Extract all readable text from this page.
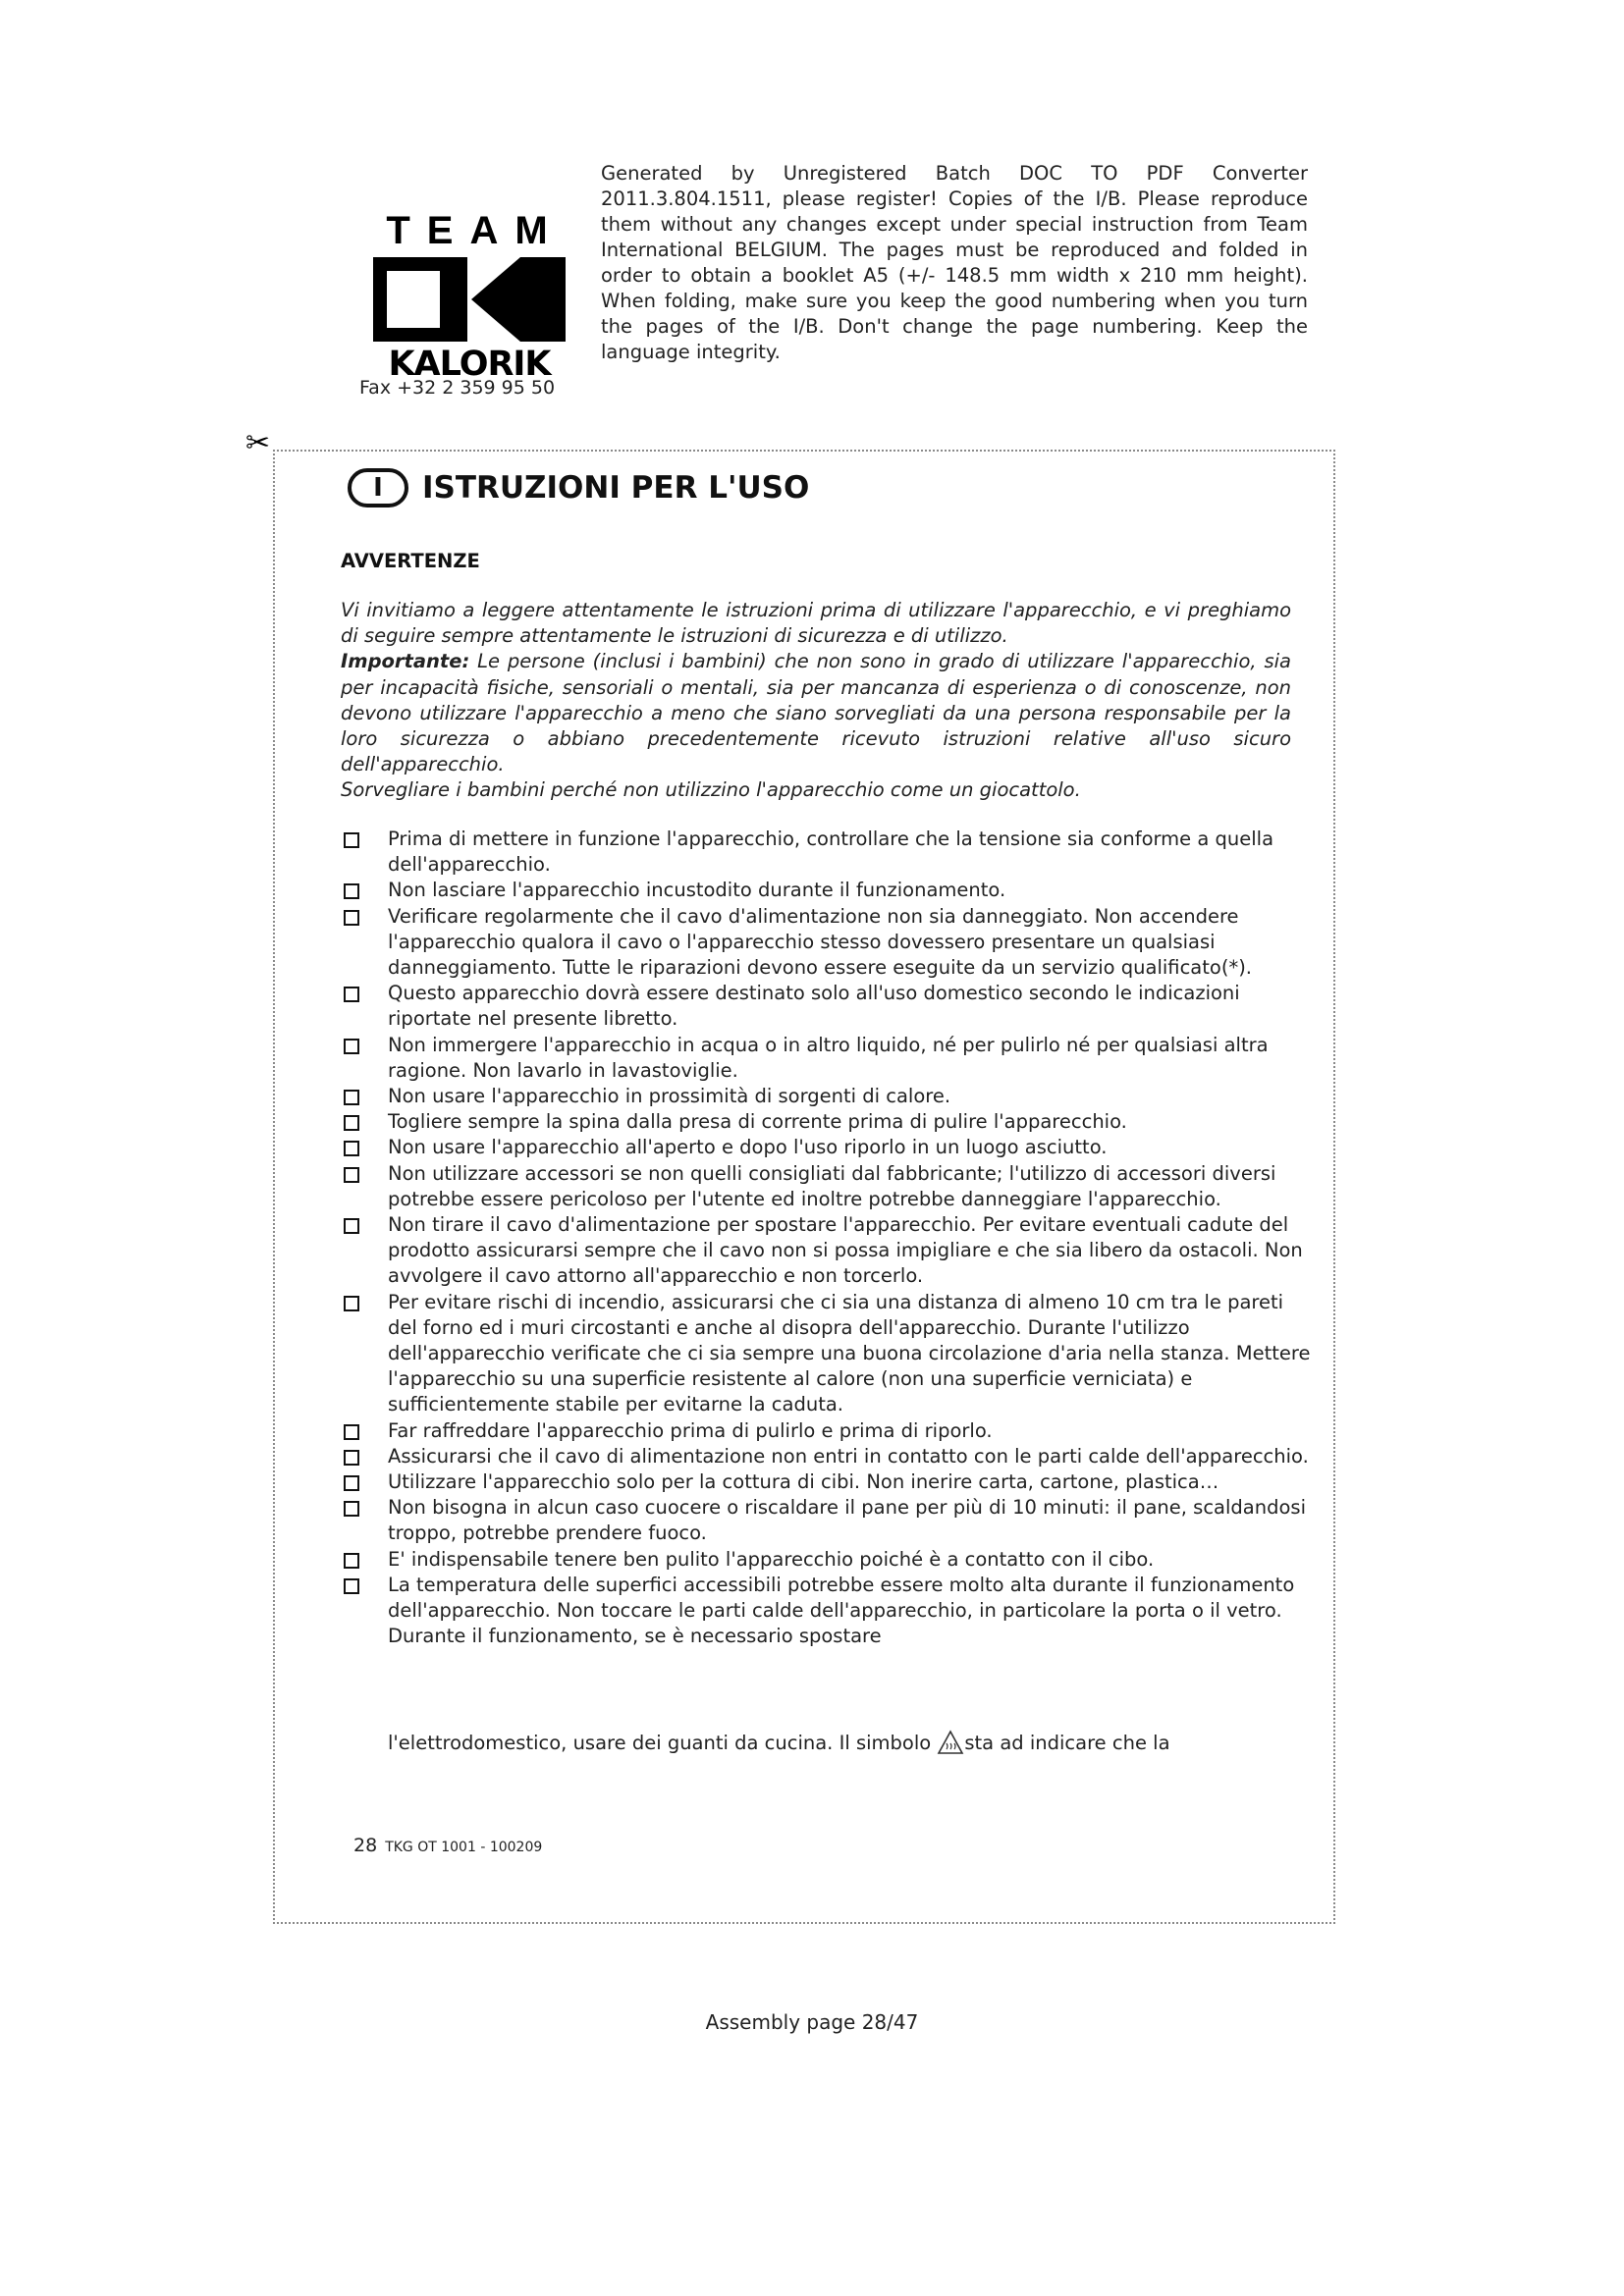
TEAM
KALORIK
Fax +32 2 359 95 50

Generated by Unregistered Batch DOC TO PDF Converter 2011.3.804.1511, please register! Copies of the I/B. Please reproduce them without any changes except under special instruction from Team International BELGIUM. The pages must be reproduced and folded in order to obtain a booklet A5 (+/- 148.5 mm width x 210 mm height). When folding, make sure you keep the good numbering when you turn the pages of the I/B. Don't change the page numbering. Keep the language integrity.

✂
I	ISTRUZIONI PER L'USO
AVVERTENZE

Vi invitiamo a leggere attentamente le istruzioni prima di utilizzare l'apparecchio, e vi preghiamo di seguire sempre attentamente le istruzioni di sicurezza e di utilizzo.

Importante: Le persone (inclusi i bambini) che non sono in grado di utilizzare l'apparecchio, sia per incapacità fisiche, sensoriali o mentali, sia per mancanza di esperienza o di conoscenze, non devono utilizzare l'apparecchio a meno che siano sorvegliati da una persona responsabile per la loro sicurezza o abbiano precedentemente ricevuto istruzioni relative all'uso sicuro dell'apparecchio.

Sorvegliare i bambini perché non utilizzino l'apparecchio come un giocattolo.

Prima di mettere in funzione l'apparecchio, controllare che la tensione sia conforme a quella dell'apparecchio.
Non lasciare l'apparecchio incustodito durante il funzionamento.
Verificare regolarmente che il cavo d'alimentazione non sia danneggiato. Non accendere l'apparecchio qualora il cavo o l'apparecchio stesso dovessero presentare un qualsiasi danneggiamento. Tutte le riparazioni devono essere eseguite da un servizio qualificato(*).
Questo apparecchio dovrà essere destinato solo all'uso domestico secondo le indicazioni riportate nel presente libretto.
Non immergere l'apparecchio in acqua o in altro liquido, né per pulirlo né per qualsiasi altra ragione. Non lavarlo in lavastoviglie.
Non usare l'apparecchio in prossimità di sorgenti di calore.
Togliere sempre la spina dalla presa di corrente prima di pulire l'apparecchio.
Non usare l'apparecchio all'aperto e dopo l'uso riporlo in un luogo asciutto.
Non utilizzare accessori se non quelli consigliati dal fabbricante; l'utilizzo di accessori diversi potrebbe essere pericoloso per l'utente ed inoltre potrebbe danneggiare l'apparecchio.
Non tirare il cavo d'alimentazione per spostare l'apparecchio. Per evitare eventuali cadute del prodotto assicurarsi sempre che il cavo non si possa impigliare e che sia libero da ostacoli. Non avvolgere il cavo attorno all'apparecchio e non torcerlo.
Per evitare rischi di incendio, assicurarsi che ci sia una distanza di almeno 10 cm tra le pareti del forno ed i muri circostanti e anche al disopra dell'apparecchio. Durante l'utilizzo dell'apparecchio verificate che ci sia sempre una buona circolazione d'aria nella stanza. Mettere l'apparecchio su una superficie resistente al calore (non una superficie verniciata) e sufficientemente stabile per evitarne la caduta.
Far raffreddare l'apparecchio prima di pulirlo e prima di riporlo.
Assicurarsi che il cavo di alimentazione non entri in contatto con le parti calde dell'apparecchio.
Utilizzare l'apparecchio solo per la cottura di cibi. Non inerire carta, cartone, plastica…
Non bisogna in alcun caso cuocere o riscaldare il pane per più di 10 minuti: il pane, scaldandosi troppo, potrebbe prendere fuoco.
E' indispensabile tenere ben pulito l'apparecchio poiché è a contatto con il cibo.
La temperatura delle superfici accessibili potrebbe essere molto alta durante il funzionamento dell'apparecchio. Non toccare le parti calde dell'apparecchio, in particolare la porta o il vetro. Durante il funzionamento, se è necessario spostare
l'elettrodomestico, usare dei guanti da cucina. Il simbolo sta ad indicare che la
28 TKG OT 1001 - 100209
Assembly page 28/47
